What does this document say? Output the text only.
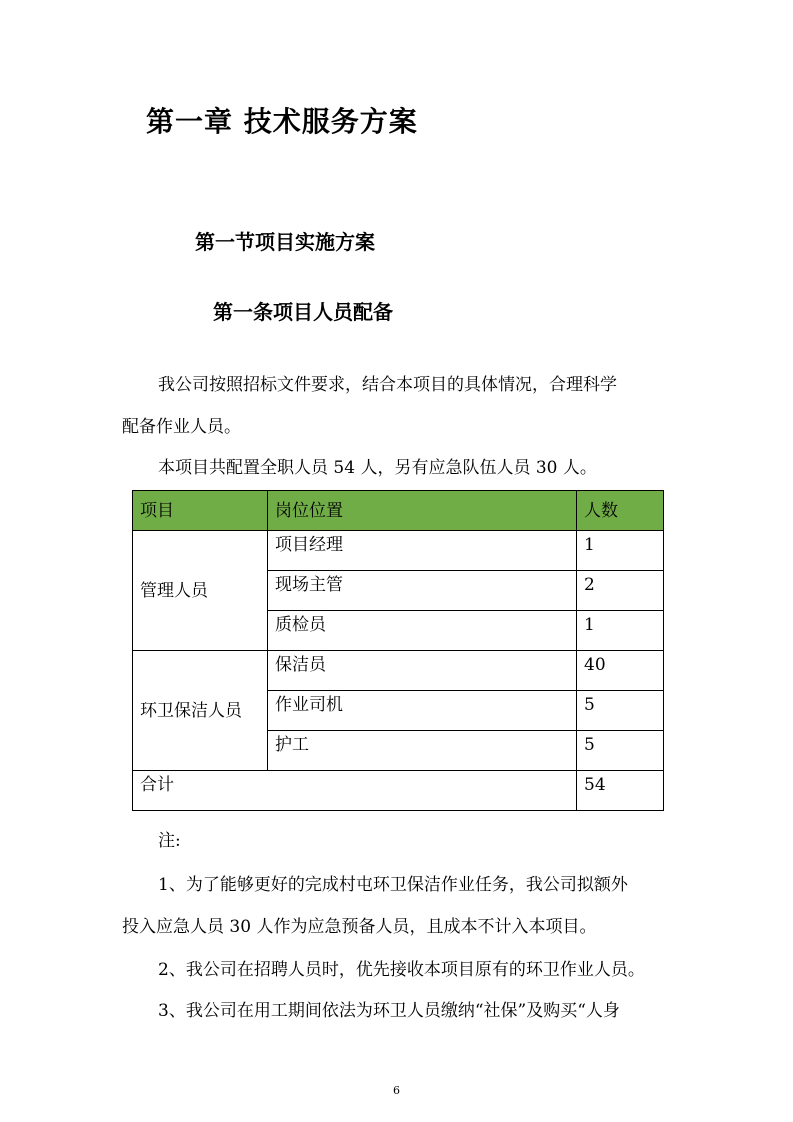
第一章 技术服务方案
第一节项目实施方案
第一条项目人员配备
我公司按照招标文件要求，结合本项目的具体情况，合理科学
配备作业人员。
本项目共配置全职人员 54 人，另有应急队伍人员 30 人。
项目	岗位位置	人数
管理人员	项目经理	1
	现场主管	2
	质检员	1
环卫保洁人员	保洁员	40
	作业司机	5
	护工	5
合计		54
注:
1、为了能够更好的完成村屯环卫保洁作业任务，我公司拟额外
投入应急人员 30 人作为应急预备人员，且成本不计入本项目。
2、我公司在招聘人员时，优先接收本项目原有的环卫作业人员。
3、我公司在用工期间依法为环卫人员缴纳“社保”及购买“人身
6
